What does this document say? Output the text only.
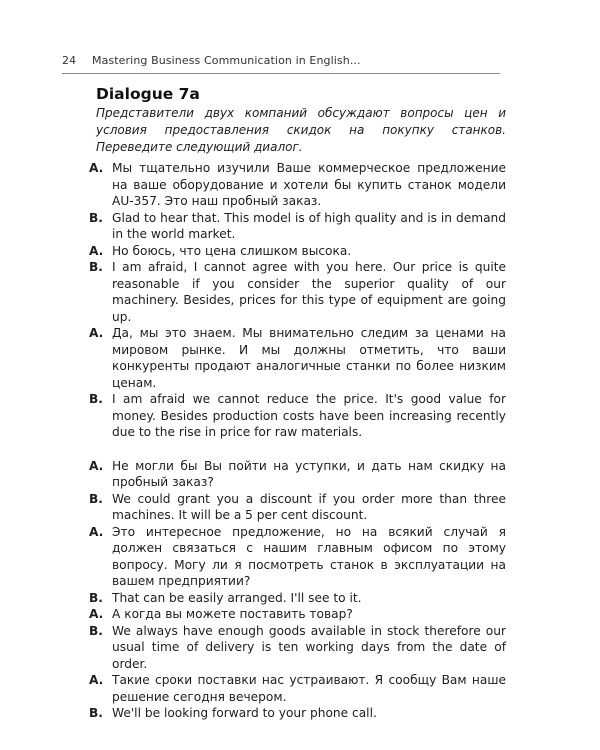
24 Mastering Business Communication in English...
Dialogue 7a
Представители двух компаний обсуждают вопросы цен и условия предоставления скидок на покупку станков. Переведите следующий диалог.
A. Мы тщательно изучили Ваше коммерческое предложение на ваше оборудование и хотели бы купить станок модели AU-357. Это наш пробный заказ.
B. Glad to hear that. This model is of high quality and is in demand in the world market.
A. Но боюсь, что цена слишком высока.
B. I am afraid, I cannot agree with you here. Our price is quite reasonable if you consider the superior quality of our machinery. Besides, prices for this type of equipment are going up.
A. Да, мы это знаем. Мы внимательно следим за ценами на мировом рынке. И мы должны отметить, что ваши конкуренты продают аналогичные станки по более низким ценам.
B. I am afraid we cannot reduce the price. It's good value for money. Besides production costs have been increasing recently due to the rise in price for raw materials.
A. Не могли бы Вы пойти на уступки, и дать нам скидку на пробный заказ?
B. We could grant you a discount if you order more than three machines. It will be a 5 per cent discount.
A. Это интересное предложение, но на всякий случай я должен связаться с нашим главным офисом по этому вопросу. Могу ли я посмотреть станок в эксплуатации на вашем предприятии?
B. That can be easily arranged. I'll see to it.
A. А когда вы можете поставить товар?
B. We always have enough goods available in stock therefore our usual time of delivery is ten working days from the date of order.
A. Такие сроки поставки нас устраивают. Я сообщу Вам наше решение сегодня вечером.
B. We'll be looking forward to your phone call.
